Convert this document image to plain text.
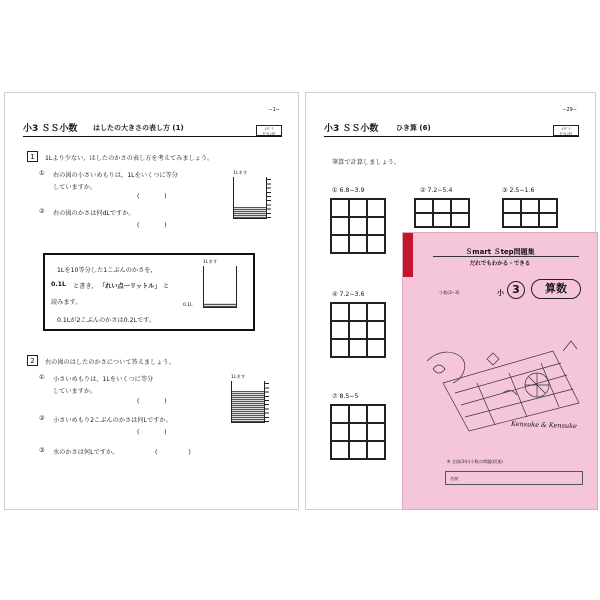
小3 ＳＳ小数 はしたの大きさの表し方 (1)
−1−
ｺｸﾄﾞﾗ
ﾀﾞﾁﾚﾝﾖｳ
1	1Lより少ない，はしたのかさの表し方を考えてみましょう。
① 右の図の小さいめもりは，1Lをいくつに等分
していますか。
(　　　　)
② 右の図のかさは何dLですか。
(　　　　)
1Lます
1Lを10等分した1こぶんのかさを，
0.1L と書き， 「れい点一リットル」 と
読みます。
0.1Lが2こぶんのかさは0.2Lです。
1Lます
0.1L
2	右の図のはしたのかさについて答えましょう。
① 小さいめもりは，1Lをいくつに等分
していますか。
(　　　　)
② 小さいめもり2こぶんのかさは何Lですか。
(　　　　)
③ 水のかさは何Lですか。	(　　　　　)
1Lます
小3 ＳＳ小数	ひき算 (6)
−29−
ｺｸﾄﾞﾗ
ﾀﾞﾁﾚﾝﾖｳ
筆算で計算しましょう。
① 6.8−3.9	② 7.2−5.4	③ 2.5−1.6
④ 7.2−3.6
⑦ 8.5−5
Ｓmart Ｓtep問題集
だれでもわかる・できる
小数(3−3)	小 3	算数
Kensuke & Kensuke
※ 全国(3年)小数の問題(授業)
名前
